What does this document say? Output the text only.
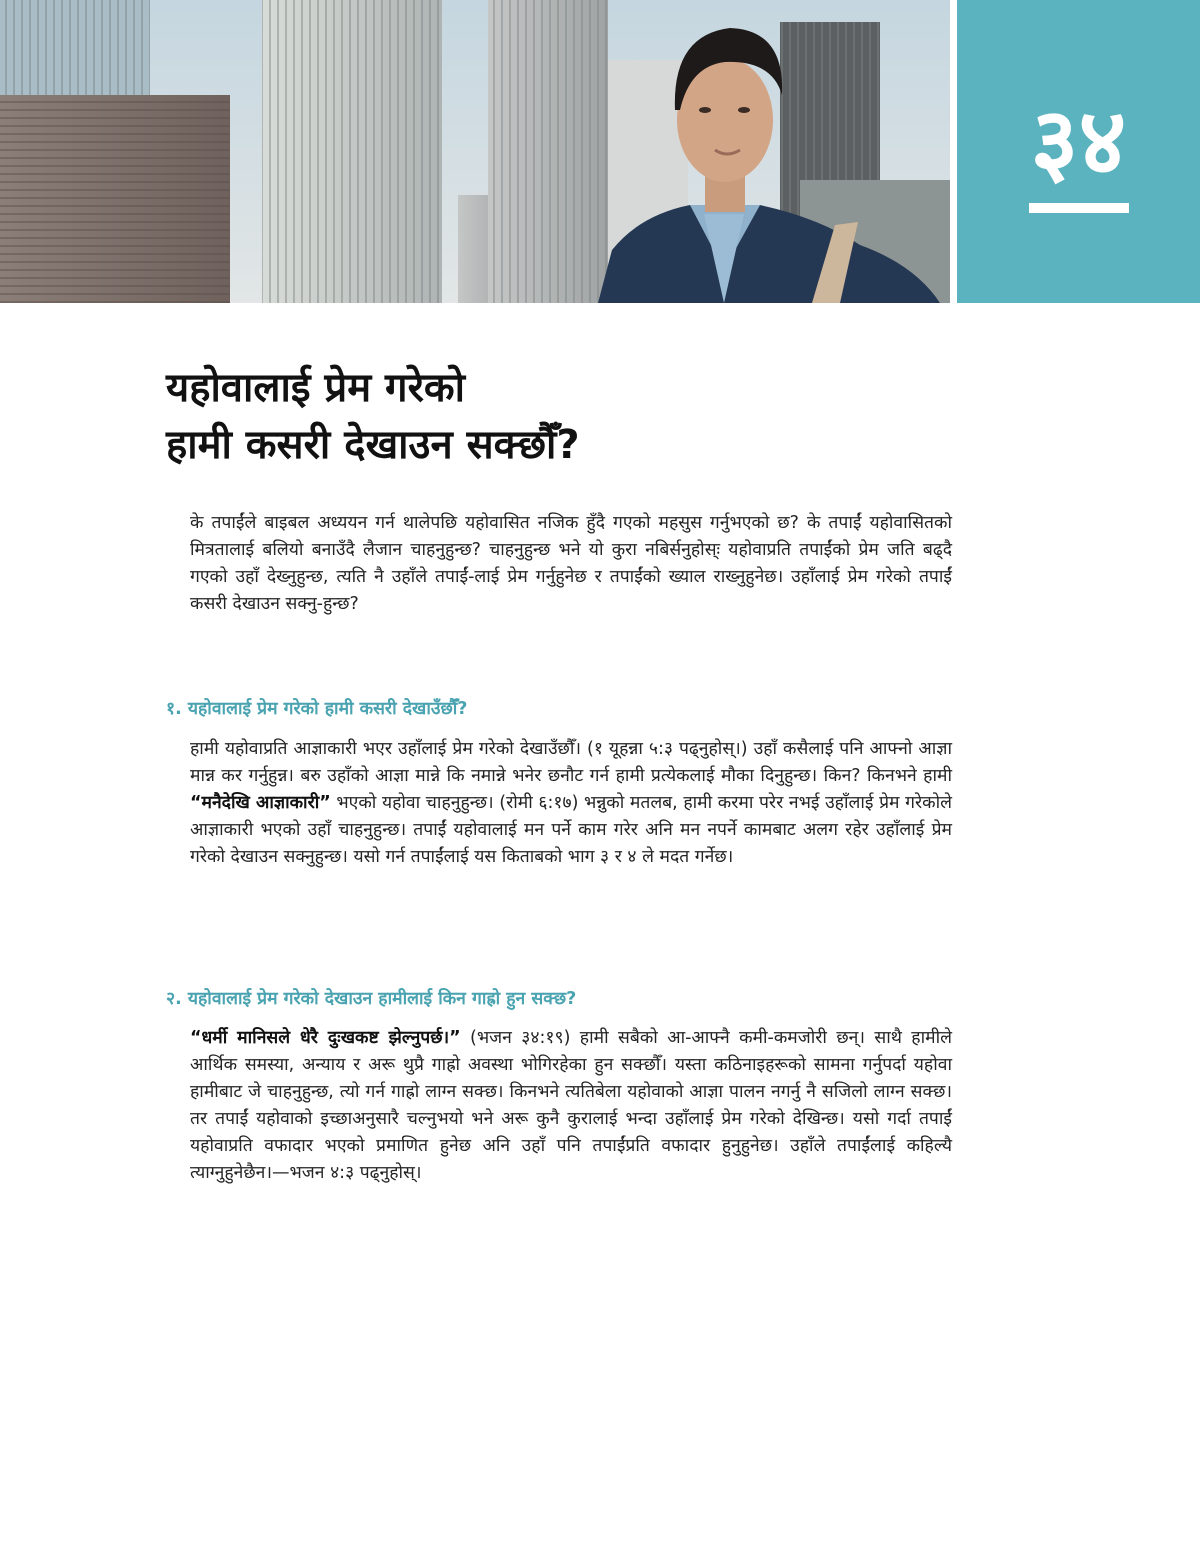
३४
यहोवालाई प्रेम गरेको
हामी कसरी देखाउन सक्छौँ?

के तपाईंले बाइबल अध्ययन गर्न थालेपछि यहोवासित नजिक हुँदै गएको महसुस गर्नुभएको छ? के तपाईं यहोवासितको मित्रतालाई बलियो बनाउँदै लैजान चाहनुहुन्छ? चाहनुहुन्छ भने यो कुरा नबिर्सनुहोस्ः यहोवाप्रति तपाईंको प्रेम जति बढ्दै गएको उहाँ देख्नुहुन्छ, त्यति नै उहाँले तपाईं-लाई प्रेम गर्नुहुनेछ र तपाईंको ख्याल राख्नुहुनेछ। उहाँलाई प्रेम गरेको तपाईं कसरी देखाउन सक्नु-हुन्छ?

१. यहोवालाई प्रेम गरेको हामी कसरी देखाउँछौँ?

हामी यहोवाप्रति आज्ञाकारी भएर उहाँलाई प्रेम गरेको देखाउँछौँ। (१ यूहन्ना ५:३ पढ्नुहोस्।) उहाँ कसैलाई पनि आफ्नो आज्ञा मान्न कर गर्नुहुन्न। बरु उहाँको आज्ञा मान्ने कि नमान्ने भनेर छनौट गर्न हामी प्रत्येकलाई मौका दिनुहुन्छ। किन? किनभने हामी “मनैदेखि आज्ञाकारी” भएको यहोवा चाहनुहुन्छ। (रोमी ६:१७) भन्नुको मतलब, हामी करमा परेर नभई उहाँलाई प्रेम गरेकोले आज्ञाकारी भएको उहाँ चाहनुहुन्छ। तपाईं यहोवालाई मन पर्ने काम गरेर अनि मन नपर्ने कामबाट अलग रहेर उहाँलाई प्रेम गरेको देखाउन सक्नुहुन्छ। यसो गर्न तपाईंलाई यस किताबको भाग ३ र ४ ले मदत गर्नेछ।

२. यहोवालाई प्रेम गरेको देखाउन हामीलाई किन गाह्रो हुन सक्छ?

“धर्मी मानिसले धेरै दुःखकष्ट झेल्नुपर्छ।” (भजन ३४:१९) हामी सबैको आ-आफ्नै कमी-कमजोरी छन्। साथै हामीले आर्थिक समस्या, अन्याय र अरू थुप्रै गाह्रो अवस्था भोगिरहेका हुन सक्छौँ। यस्ता कठिनाइहरूको सामना गर्नुपर्दा यहोवा हामीबाट जे चाहनुहुन्छ, त्यो गर्न गाह्रो लाग्न सक्छ। किनभने त्यतिबेला यहोवाको आज्ञा पालन नगर्नु नै सजिलो लाग्न सक्छ। तर तपाईं यहोवाको इच्छाअनुसारै चल्नुभयो भने अरू कुनै कुरालाई भन्दा उहाँलाई प्रेम गरेको देखिन्छ। यसो गर्दा तपाईं यहोवाप्रति वफादार भएको प्रमाणित हुनेछ अनि उहाँ पनि तपाईंप्रति वफादार हुनुहुनेछ। उहाँले तपाईंलाई कहिल्यै त्याग्नुहुनेछैन।—भजन ४:३ पढ्नुहोस्।
